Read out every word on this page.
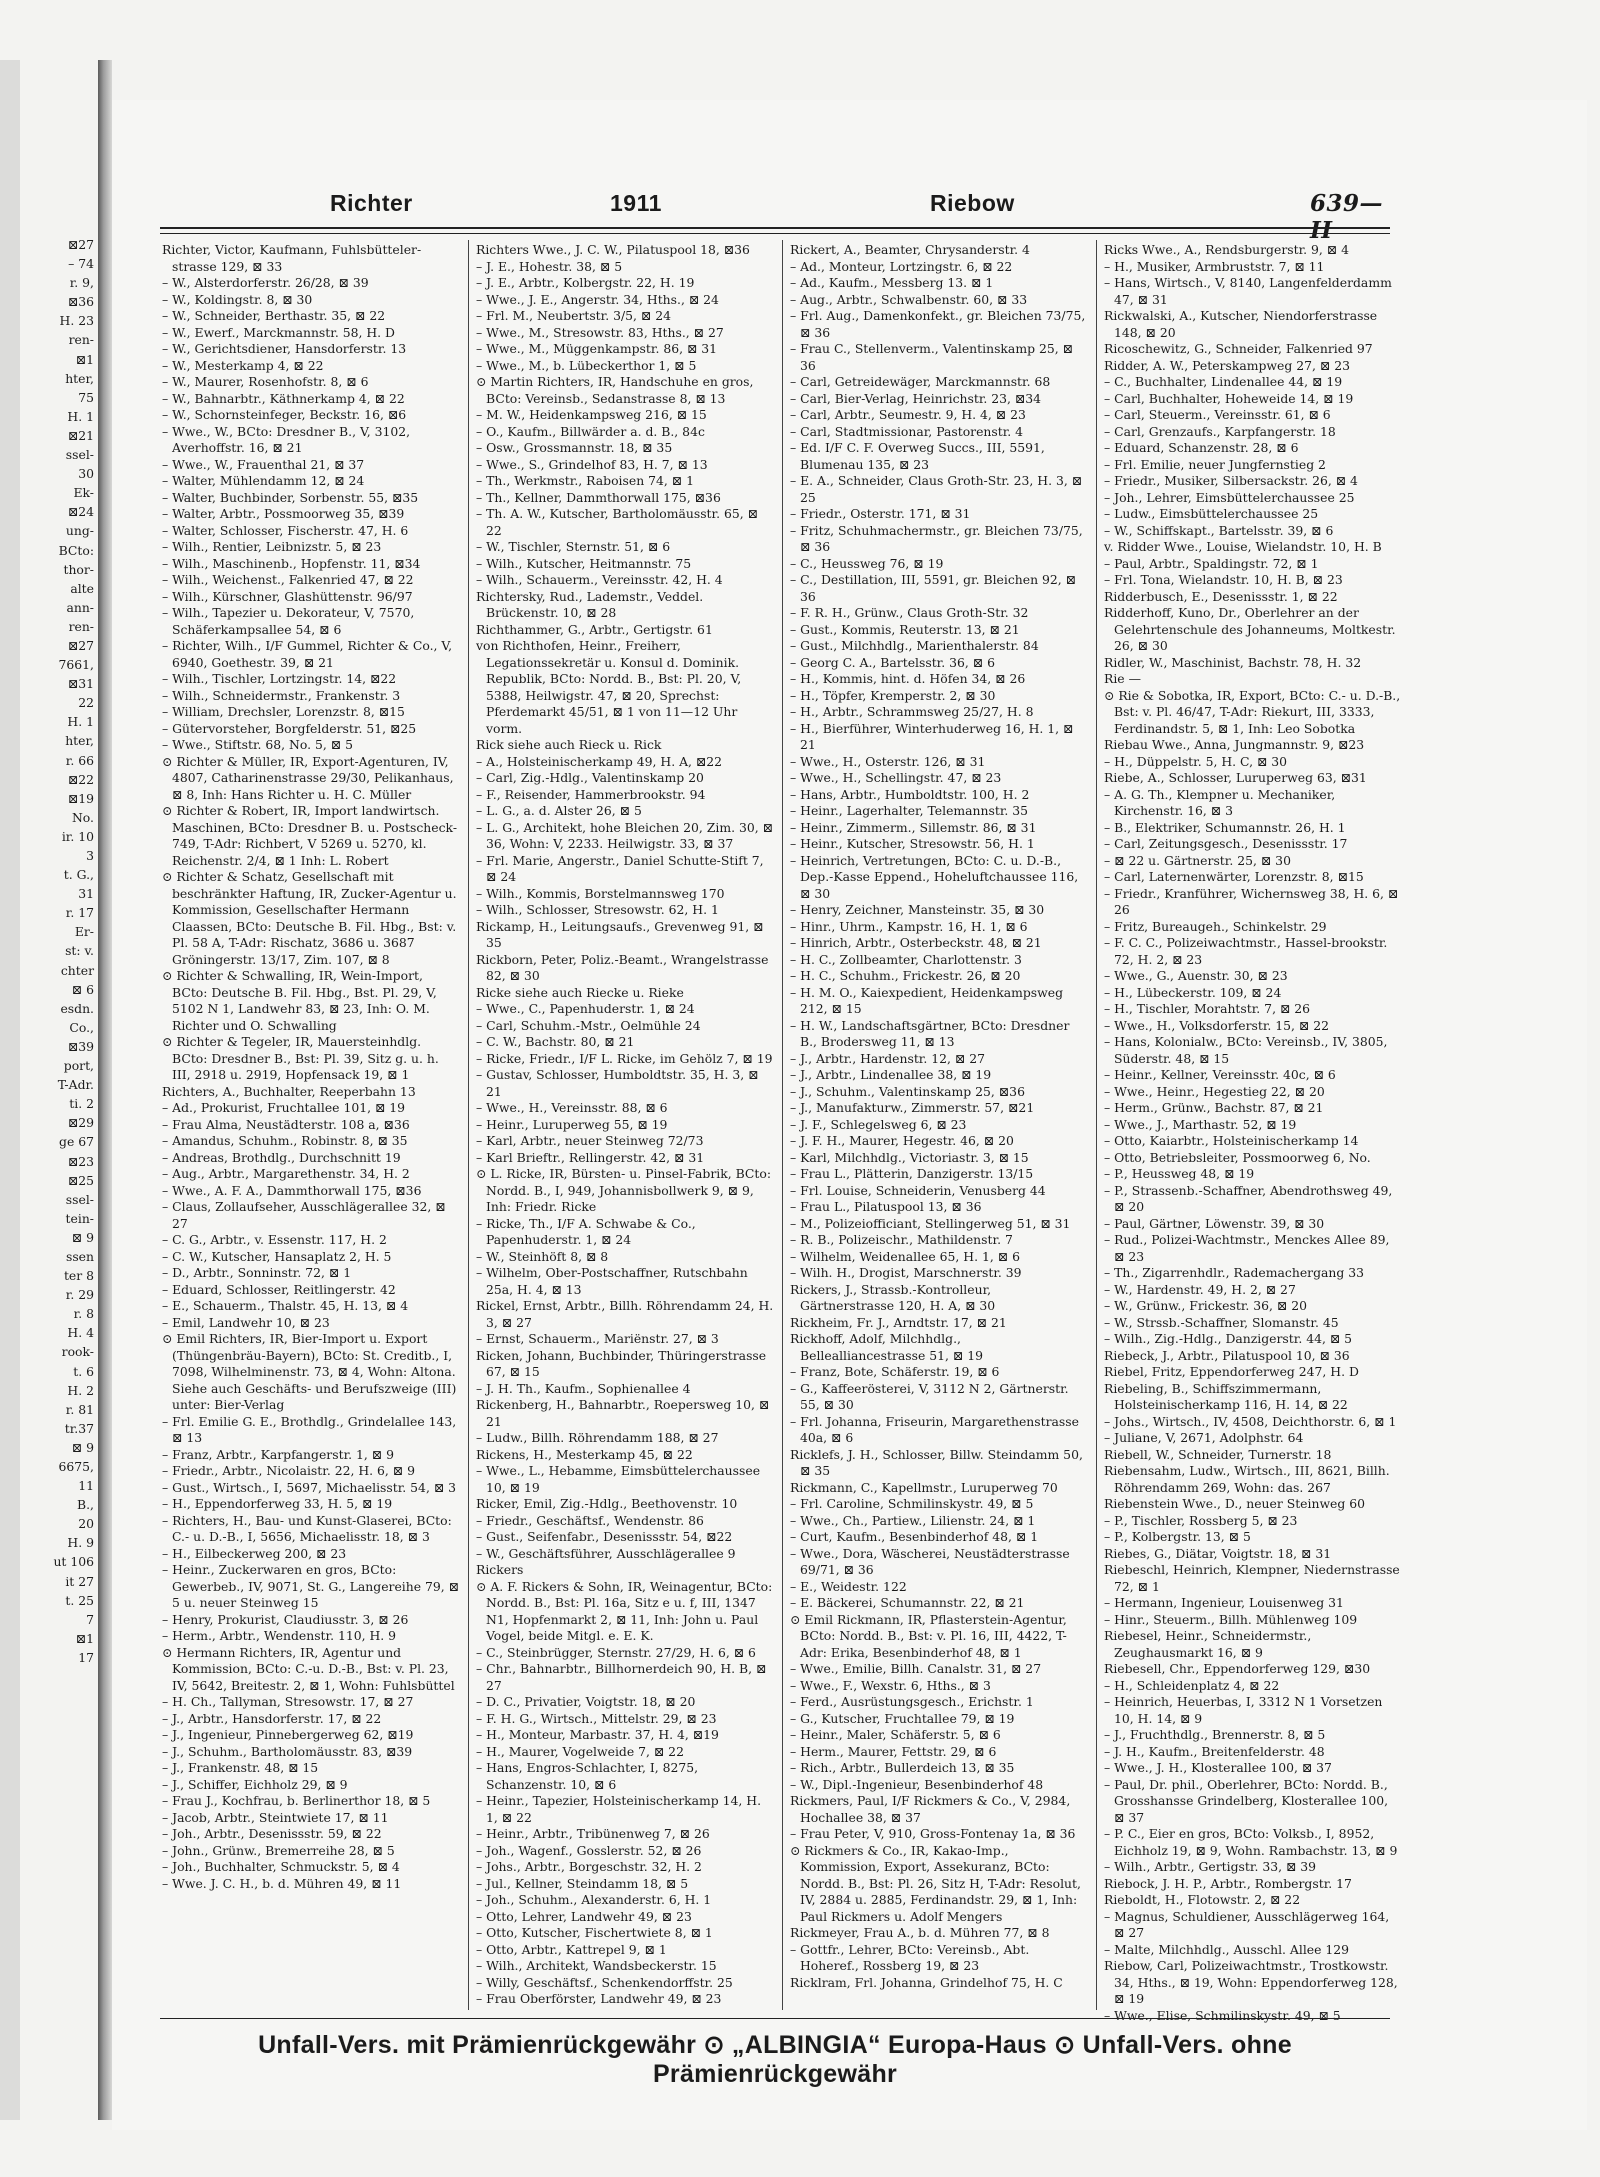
⊠27
– 74
r. 9,
⊠36
H. 23
ren-
⊠1
hter,
75
H. 1
⊠21
ssel-
30
Ek-
⊠24
ung-
BCto:
thor-
alte
ann-
ren-
⊠27
7661,
⊠31
22
H. 1
hter,
r. 66
⊠22
⊠19
No.
ir. 10
3
t. G.,
31
r. 17
Er-
st: v.
chter
⊠ 6
esdn.
Co.,
⊠39
port,
T-Adr.
ti. 2
⊠29
ge 67
⊠23
⊠25
ssel-
tein-
⊠ 9
ssen
ter 8
r. 29
r. 8
H. 4
rook-
t. 6
H. 2
r. 81
tr.37
⊠ 9
6675,
11
B.,
20
H. 9
ut 106
it 27
t. 25
7
⊠1
17
Richter	1911	Riebow	639—II

Richter, Victor, Kaufmann, Fuhlsbütteler-strasse 129, ⊠ 33

– W., Alsterdorferstr. 26/28, ⊠ 39

– W., Koldingstr. 8, ⊠ 30

– W., Schneider, Berthastr. 35, ⊠ 22

– W., Ewerf., Marckmannstr. 58, H. D

– W., Gerichtsdiener, Hansdorferstr. 13

– W., Mesterkamp 4, ⊠ 22

– W., Maurer, Rosenhofstr. 8, ⊠ 6

– W., Bahnarbtr., Käthnerkamp 4, ⊠ 22

– W., Schornsteinfeger, Beckstr. 16, ⊠6

– Wwe., W., BCto: Dresdner B., V, 3102, Averhoffstr. 16, ⊠ 21

– Wwe., W., Frauenthal 21, ⊠ 37

– Walter, Mühlendamm 12, ⊠ 24

– Walter, Buchbinder, Sorbenstr. 55, ⊠35

– Walter, Arbtr., Possmoorweg 35, ⊠39

– Walter, Schlosser, Fischerstr. 47, H. 6

– Wilh., Rentier, Leibnizstr. 5, ⊠ 23

– Wilh., Maschinenb., Hopfenstr. 11, ⊠34

– Wilh., Weichenst., Falkenried 47, ⊠ 22

– Wilh., Kürschner, Glashüttenstr. 96/97

– Wilh., Tapezier u. Dekorateur, V, 7570, Schäferkampsallee 54, ⊠ 6

– Richter, Wilh., I/F Gummel, Richter & Co., V, 6940, Goethestr. 39, ⊠ 21

– Wilh., Tischler, Lortzingstr. 14, ⊠22

– Wilh., Schneidermstr., Frankenstr. 3

– William, Drechsler, Lorenzstr. 8, ⊠15

– Gütervorsteher, Borgfelderstr. 51, ⊠25

– Wwe., Stiftstr. 68, No. 5, ⊠ 5

⊙ Richter & Müller, IR, Export-Agenturen, IV, 4807, Catharinenstrasse 29/30, Pelikanhaus, ⊠ 8, Inh: Hans Richter u. H. C. Müller

⊙ Richter & Robert, IR, Import landwirtsch. Maschinen, BCto: Dresdner B. u. Postscheck- 749, T-Adr: Richbert, V 5269 u. 5270, kl. Reichenstr. 2/4, ⊠ 1 Inh: L. Robert

⊙ Richter & Schatz, Gesellschaft mit beschränkter Haftung, IR, Zucker-Agentur u. Kommission, Gesellschafter Hermann Claassen, BCto: Deutsche B. Fil. Hbg., Bst: v. Pl. 58 A, T-Adr: Rischatz, 3686 u. 3687 Gröningerstr. 13/17, Zim. 107, ⊠ 8

⊙ Richter & Schwalling, IR, Wein-Import, BCto: Deutsche B. Fil. Hbg., Bst. Pl. 29, V, 5102 N 1, Landwehr 83, ⊠ 23, Inh: O. M. Richter und O. Schwalling

⊙ Richter & Tegeler, IR, Mauersteinhdlg. BCto: Dresdner B., Bst: Pl. 39, Sitz g. u. h. III, 2918 u. 2919, Hopfensack 19, ⊠ 1

Richters, A., Buchhalter, Reeperbahn 13

– Ad., Prokurist, Fruchtallee 101, ⊠ 19

– Frau Alma, Neustädterstr. 108 a, ⊠36

– Amandus, Schuhm., Robinstr. 8, ⊠ 35

– Andreas, Brothdlg., Durchschnitt 19

– Aug., Arbtr., Margarethenstr. 34, H. 2

– Wwe., A. F. A., Dammthorwall 175, ⊠36

– Claus, Zollaufseher, Ausschlägerallee 32, ⊠ 27

– C. G., Arbtr., v. Essenstr. 117, H. 2

– C. W., Kutscher, Hansaplatz 2, H. 5

– D., Arbtr., Sonninstr. 72, ⊠ 1

– Eduard, Schlosser, Reitlingerstr. 42

– E., Schauerm., Thalstr. 45, H. 13, ⊠ 4

– Emil, Landwehr 10, ⊠ 23

⊙ Emil Richters, IR, Bier-Import u. Export (Thüngenbräu-Bayern), BCto: St. Creditb., I, 7098, Wilhelminenstr. 73, ⊠ 4, Wohn: Altona. Siehe auch Geschäfts- und Berufszweige (III) unter: Bier-Verlag

– Frl. Emilie G. E., Brothdlg., Grindelallee 143, ⊠ 13

– Franz, Arbtr., Karpfangerstr. 1, ⊠ 9

– Friedr., Arbtr., Nicolaistr. 22, H. 6, ⊠ 9

– Gust., Wirtsch., I, 5697, Michaelisstr. 54, ⊠ 3

– H., Eppendorferweg 33, H. 5, ⊠ 19

– Richters, H., Bau- und Kunst-Glaserei, BCto: C.- u. D.-B., I, 5656, Michaelisstr. 18, ⊠ 3

– H., Eilbeckerweg 200, ⊠ 23

– Heinr., Zuckerwaren en gros, BCto: Gewerbeb., IV, 9071, St. G., Langereihe 79, ⊠ 5 u. neuer Steinweg 15

– Henry, Prokurist, Claudiusstr. 3, ⊠ 26

– Herm., Arbtr., Wendenstr. 110, H. 9

⊙ Hermann Richters, IR, Agentur und Kommission, BCto: C.-u. D.-B., Bst: v. Pl. 23, IV, 5642, Breitestr. 2, ⊠ 1, Wohn: Fuhlsbüttel

– H. Ch., Tallyman, Stresowstr. 17, ⊠ 27

– J., Arbtr., Hansdorferstr. 17, ⊠ 22

– J., Ingenieur, Pinnebergerweg 62, ⊠19

– J., Schuhm., Bartholomäusstr. 83, ⊠39

– J., Frankenstr. 48, ⊠ 15

– J., Schiffer, Eichholz 29, ⊠ 9

– Frau J., Kochfrau, b. Berlinerthor 18, ⊠ 5

– Jacob, Arbtr., Steintwiete 17, ⊠ 11

– Joh., Arbtr., Desenissstr. 59, ⊠ 22

– John., Grünw., Bremerreihe 28, ⊠ 5

– Joh., Buchhalter, Schmuckstr. 5, ⊠ 4

– Wwe. J. C. H., b. d. Mühren 49, ⊠ 11

Richters Wwe., J. C. W., Pilatuspool 18, ⊠36

– J. E., Hohestr. 38, ⊠ 5

– J. E., Arbtr., Kolbergstr. 22, H. 19

– Wwe., J. E., Angerstr. 34, Hths., ⊠ 24

– Frl. M., Neubertstr. 3/5, ⊠ 24

– Wwe., M., Stresowstr. 83, Hths., ⊠ 27

– Wwe., M., Müggenkampstr. 86, ⊠ 31

– Wwe., M., b. Lübeckerthor 1, ⊠ 5

⊙ Martin Richters, IR, Handschuhe en gros, BCto: Vereinsb., Sedanstrasse 8, ⊠ 13

– M. W., Heidenkampsweg 216, ⊠ 15

– O., Kaufm., Billwärder a. d. B., 84c

– Osw., Grossmannstr. 18, ⊠ 35

– Wwe., S., Grindelhof 83, H. 7, ⊠ 13

– Th., Werkmstr., Raboisen 74, ⊠ 1

– Th., Kellner, Dammthorwall 175, ⊠36

– Th. A. W., Kutscher, Bartholomäusstr. 65, ⊠ 22

– W., Tischler, Sternstr. 51, ⊠ 6

– Wilh., Kutscher, Heitmannstr. 75

– Wilh., Schauerm., Vereinsstr. 42, H. 4

Richtersky, Rud., Lademstr., Veddel. Brückenstr. 10, ⊠ 28

Richthammer, G., Arbtr., Gertigstr. 61

von Richthofen, Heinr., Freiherr, Legationssekretär u. Konsul d. Dominik. Republik, BCto: Nordd. B., Bst: Pl. 20, V, 5388, Heilwigstr. 47, ⊠ 20, Sprechst: Pferdemarkt 45/51, ⊠ 1 von 11—12 Uhr vorm.

Rick siehe auch Rieck u. Rick

– A., Holsteinischerkamp 49, H. A, ⊠22

– Carl, Zig.-Hdlg., Valentinskamp 20

– F., Reisender, Hammerbrookstr. 94

– L. G., a. d. Alster 26, ⊠ 5

– L. G., Architekt, hohe Bleichen 20, Zim. 30, ⊠ 36, Wohn: V, 2233. Heilwigstr. 33, ⊠ 37

– Frl. Marie, Angerstr., Daniel Schutte-Stift 7, ⊠ 24

– Wilh., Kommis, Borstelmannsweg 170

– Wilh., Schlosser, Stresowstr. 62, H. 1

Rickamp, H., Leitungsaufs., Grevenweg 91, ⊠ 35

Rickborn, Peter, Poliz.-Beamt., Wrangelstrasse 82, ⊠ 30

Ricke siehe auch Riecke u. Rieke

– Wwe., C., Papenhuderstr. 1, ⊠ 24

– Carl, Schuhm.-Mstr., Oelmühle 24

– C. W., Bachstr. 80, ⊠ 21

– Ricke, Friedr., I/F L. Ricke, im Gehölz 7, ⊠ 19

– Gustav, Schlosser, Humboldtstr. 35, H. 3, ⊠ 21

– Wwe., H., Vereinsstr. 88, ⊠ 6

– Heinr., Luruperweg 55, ⊠ 19

– Karl, Arbtr., neuer Steinweg 72/73

– Karl Brieftr., Rellingerstr. 42, ⊠ 31

⊙ L. Ricke, IR, Bürsten- u. Pinsel-Fabrik, BCto: Nordd. B., I, 949, Johannisbollwerk 9, ⊠ 9, Inh: Friedr. Ricke

– Ricke, Th., I/F A. Schwabe & Co., Papenhuderstr. 1, ⊠ 24

– W., Steinhöft 8, ⊠ 8

– Wilhelm, Ober-Postschaffner, Rutschbahn 25a, H. 4, ⊠ 13

Rickel, Ernst, Arbtr., Billh. Röhrendamm 24, H. 3, ⊠ 27

– Ernst, Schauerm., Mariënstr. 27, ⊠ 3

Ricken, Johann, Buchbinder, Thüringerstrasse 67, ⊠ 15

– J. H. Th., Kaufm., Sophienallee 4

Rickenberg, H., Bahnarbtr., Roepersweg 10, ⊠ 21

– Ludw., Billh. Röhrendamm 188, ⊠ 27

Rickens, H., Mesterkamp 45, ⊠ 22

– Wwe., L., Hebamme, Eimsbüttelerchaussee 10, ⊠ 19

Ricker, Emil, Zig.-Hdlg., Beethovenstr. 10

– Friedr., Geschäftsf., Wendenstr. 86

– Gust., Seifenfabr., Desenissstr. 54, ⊠22

– W., Geschäftsführer, Ausschlägerallee 9

Rickers

⊙ A. F. Rickers & Sohn, IR, Weinagentur, BCto: Nordd. B., Bst: Pl. 16a, Sitz e u. f, III, 1347 N1, Hopfenmarkt 2, ⊠ 11, Inh: John u. Paul Vogel, beide Mitgl. e. E. K.

– C., Steinbrügger, Sternstr. 27/29, H. 6, ⊠ 6

– Chr., Bahnarbtr., Billhornerdeich 90, H. B, ⊠ 27

– D. C., Privatier, Voigtstr. 18, ⊠ 20

– F. H. G., Wirtsch., Mittelstr. 29, ⊠ 23

– H., Monteur, Marbastr. 37, H. 4, ⊠19

– H., Maurer, Vogelweide 7, ⊠ 22

– Hans, Engros-Schlachter, I, 8275, Schanzenstr. 10, ⊠ 6

– Heinr., Tapezier, Holsteinischerkamp 14, H. 1, ⊠ 22

– Heinr., Arbtr., Tribünenweg 7, ⊠ 26

– Joh., Wagenf., Gosslerstr. 52, ⊠ 26

– Johs., Arbtr., Borgeschstr. 32, H. 2

– Jul., Kellner, Steindamm 18, ⊠ 5

– Joh., Schuhm., Alexanderstr. 6, H. 1

– Otto, Lehrer, Landwehr 49, ⊠ 23

– Otto, Kutscher, Fischertwiete 8, ⊠ 1

– Otto, Arbtr., Kattrepel 9, ⊠ 1

– Wilh., Architekt, Wandsbeckerstr. 15

– Willy, Geschäftsf., Schenkendorffstr. 25

– Frau Oberförster, Landwehr 49, ⊠ 23

Rickert, A., Beamter, Chrysanderstr. 4

– Ad., Monteur, Lortzingstr. 6, ⊠ 22

– Ad., Kaufm., Messberg 13. ⊠ 1

– Aug., Arbtr., Schwalbenstr. 60, ⊠ 33

– Frl. Aug., Damenkonfekt., gr. Bleichen 73/75, ⊠ 36

– Frau C., Stellenverm., Valentinskamp 25, ⊠ 36

– Carl, Getreidewäger, Marckmannstr. 68

– Carl, Bier-Verlag, Heinrichstr. 23, ⊠34

– Carl, Arbtr., Seumestr. 9, H. 4, ⊠ 23

– Carl, Stadtmissionar, Pastorenstr. 4

– Ed. I/F C. F. Overweg Succs., III, 5591, Blumenau 135, ⊠ 23

– E. A., Schneider, Claus Groth-Str. 23, H. 3, ⊠ 25

– Friedr., Osterstr. 171, ⊠ 31

– Fritz, Schuhmachermstr., gr. Bleichen 73/75, ⊠ 36

– C., Heussweg 76, ⊠ 19

– C., Destillation, III, 5591, gr. Bleichen 92, ⊠ 36

– F. R. H., Grünw., Claus Groth-Str. 32

– Gust., Kommis, Reuterstr. 13, ⊠ 21

– Gust., Milchhdlg., Marienthalerstr. 84

– Georg C. A., Bartelsstr. 36, ⊠ 6

– H., Kommis, hint. d. Höfen 34, ⊠ 26

– H., Töpfer, Kremperstr. 2, ⊠ 30

– H., Arbtr., Schrammsweg 25/27, H. 8

– H., Bierführer, Winterhuderweg 16, H. 1, ⊠ 21

– Wwe., H., Osterstr. 126, ⊠ 31

– Wwe., H., Schellingstr. 47, ⊠ 23

– Hans, Arbtr., Humboldtstr. 100, H. 2

– Heinr., Lagerhalter, Telemannstr. 35

– Heinr., Zimmerm., Sillemstr. 86, ⊠ 31

– Heinr., Kutscher, Stresowstr. 56, H. 1

– Heinrich, Vertretungen, BCto: C. u. D.-B., Dep.-Kasse Eppend., Hoheluftchaussee 116, ⊠ 30

– Henry, Zeichner, Mansteinstr. 35, ⊠ 30

– Hinr., Uhrm., Kampstr. 16, H. 1, ⊠ 6

– Hinrich, Arbtr., Osterbeckstr. 48, ⊠ 21

– H. C., Zollbeamter, Charlottenstr. 3

– H. C., Schuhm., Frickestr. 26, ⊠ 20

– H. M. O., Kaiexpedient, Heidenkampsweg 212, ⊠ 15

– H. W., Landschaftsgärtner, BCto: Dresdner B., Brodersweg 11, ⊠ 13

– J., Arbtr., Hardenstr. 12, ⊠ 27

– J., Arbtr., Lindenallee 38, ⊠ 19

– J., Schuhm., Valentinskamp 25, ⊠36

– J., Manufakturw., Zimmerstr. 57, ⊠21

– J. F., Schlegelsweg 6, ⊠ 23

– J. F. H., Maurer, Hegestr. 46, ⊠ 20

– Karl, Milchhdlg., Victoriastr. 3, ⊠ 15

– Frau L., Plätterin, Danzigerstr. 13/15

– Frl. Louise, Schneiderin, Venusberg 44

– Frau L., Pilatuspool 13, ⊠ 36

– M., Polizeiofficiant, Stellingerweg 51, ⊠ 31

– R. B., Polizeischr., Mathildenstr. 7

– Wilhelm, Weidenallee 65, H. 1, ⊠ 6

– Wilh. H., Drogist, Marschnerstr. 39

Rickers, J., Strassb.-Kontrolleur, Gärtnerstrasse 120, H. A, ⊠ 30

Rickheim, Fr. J., Arndtstr. 17, ⊠ 21

Rickhoff, Adolf, Milchhdlg., Bellealliancestrasse 51, ⊠ 19

– Franz, Bote, Schäferstr. 19, ⊠ 6

– G., Kaffeerösterei, V, 3112 N 2, Gärtnerstr. 55, ⊠ 30

– Frl. Johanna, Friseurin, Margarethenstrasse 40a, ⊠ 6

Ricklefs, J. H., Schlosser, Billw. Steindamm 50, ⊠ 35

Rickmann, C., Kapellmstr., Luruperweg 70

– Frl. Caroline, Schmilinskystr. 49, ⊠ 5

– Wwe., Ch., Partiew., Lilienstr. 24, ⊠ 1

– Curt, Kaufm., Besenbinderhof 48, ⊠ 1

– Wwe., Dora, Wäscherei, Neustädterstrasse 69/71, ⊠ 36

– E., Weidestr. 122

– E. Bäckerei, Schumannstr. 22, ⊠ 21

⊙ Emil Rickmann, IR, Pflasterstein-Agentur, BCto: Nordd. B., Bst: v. Pl. 16, III, 4422, T-Adr: Erika, Besenbinderhof 48, ⊠ 1

– Wwe., Emilie, Billh. Canalstr. 31, ⊠ 27

– Wwe., F., Wexstr. 6, Hths., ⊠ 3

– Ferd., Ausrüstungsgesch., Erichstr. 1

– G., Kutscher, Fruchtallee 79, ⊠ 19

– Heinr., Maler, Schäferstr. 5, ⊠ 6

– Herm., Maurer, Fettstr. 29, ⊠ 6

– Rich., Arbtr., Bullerdeich 13, ⊠ 35

– W., Dipl.-Ingenieur, Besenbinderhof 48

Rickmers, Paul, I/F Rickmers & Co., V, 2984, Hochallee 38, ⊠ 37

– Frau Peter, V, 910, Gross-Fontenay 1a, ⊠ 36

⊙ Rickmers & Co., IR, Kakao-Imp., Kommission, Export, Assekuranz, BCto: Nordd. B., Bst: Pl. 26, Sitz H, T-Adr: Resolut, IV, 2884 u. 2885, Ferdinandstr. 29, ⊠ 1, Inh: Paul Rickmers u. Adolf Mengers

Rickmeyer, Frau A., b. d. Mühren 77, ⊠ 8

– Gottfr., Lehrer, BCto: Vereinsb., Abt. Hoheref., Rossberg 19, ⊠ 23

Ricklram, Frl. Johanna, Grindelhof 75, H. C

Ricks Wwe., A., Rendsburgerstr. 9, ⊠ 4

– H., Musiker, Armbruststr. 7, ⊠ 11

– Hans, Wirtsch., V, 8140, Langenfelderdamm 47, ⊠ 31

Rickwalski, A., Kutscher, Niendorferstrasse 148, ⊠ 20

Ricoschewitz, G., Schneider, Falkenried 97

Ridder, A. W., Peterskampweg 27, ⊠ 23

– C., Buchhalter, Lindenallee 44, ⊠ 19

– Carl, Buchhalter, Hoheweide 14, ⊠ 19

– Carl, Steuerm., Vereinsstr. 61, ⊠ 6

– Carl, Grenzaufs., Karpfangerstr. 18

– Eduard, Schanzenstr. 28, ⊠ 6

– Frl. Emilie, neuer Jungfernstieg 2

– Friedr., Musiker, Silbersackstr. 26, ⊠ 4

– Joh., Lehrer, Eimsbüttelerchaussee 25

– Ludw., Eimsbüttelerchaussee 25

– W., Schiffskapt., Bartelsstr. 39, ⊠ 6

v. Ridder Wwe., Louise, Wielandstr. 10, H. B

– Paul, Arbtr., Spaldingstr. 72, ⊠ 1

– Frl. Tona, Wielandstr. 10, H. B, ⊠ 23

Ridderbusch, E., Desenissstr. 1, ⊠ 22

Ridderhoff, Kuno, Dr., Oberlehrer an der Gelehrtenschule des Johanneums, Moltkestr. 26, ⊠ 30

Ridler, W., Maschinist, Bachstr. 78, H. 32

Rie —

⊙ Rie & Sobotka, IR, Export, BCto: C.- u. D.-B., Bst: v. Pl. 46/47, T-Adr: Riekurt, III, 3333, Ferdinandstr. 5, ⊠ 1, Inh: Leo Sobotka

Riebau Wwe., Anna, Jungmannstr. 9, ⊠23

– H., Düppelstr. 5, H. C, ⊠ 30

Riebe, A., Schlosser, Luruperweg 63, ⊠31

– A. G. Th., Klempner u. Mechaniker, Kirchenstr. 16, ⊠ 3

– B., Elektriker, Schumannstr. 26, H. 1

– Carl, Zeitungsgesch., Desenissstr. 17

– ⊠ 22 u. Gärtnerstr. 25, ⊠ 30

– Carl, Laternenwärter, Lorenzstr. 8, ⊠15

– Friedr., Kranführer, Wichernsweg 38, H. 6, ⊠ 26

– Fritz, Bureaugeh., Schinkelstr. 29

– F. C. C., Polizeiwachtmstr., Hassel-brookstr. 72, H. 2, ⊠ 23

– Wwe., G., Auenstr. 30, ⊠ 23

– H., Lübeckerstr. 109, ⊠ 24

– H., Tischler, Morahtstr. 7, ⊠ 26

– Wwe., H., Volksdorferstr. 15, ⊠ 22

– Hans, Kolonialw., BCto: Vereinsb., IV, 3805, Süderstr. 48, ⊠ 15

– Heinr., Kellner, Vereinsstr. 40c, ⊠ 6

– Wwe., Heinr., Hegestieg 22, ⊠ 20

– Herm., Grünw., Bachstr. 87, ⊠ 21

– Wwe., J., Marthastr. 52, ⊠ 19

– Otto, Kaiarbtr., Holsteinischerkamp 14

– Otto, Betriebsleiter, Possmoorweg 6, No.

– P., Heussweg 48, ⊠ 19

– P., Strassenb.-Schaffner, Abendrothsweg 49, ⊠ 20

– Paul, Gärtner, Löwenstr. 39, ⊠ 30

– Rud., Polizei-Wachtmstr., Menckes Allee 89, ⊠ 23

– Th., Zigarrenhdlr., Rademachergang 33

– W., Hardenstr. 49, H. 2, ⊠ 27

– W., Grünw., Frickestr. 36, ⊠ 20

– W., Strssb.-Schaffner, Slomanstr. 45

– Wilh., Zig.-Hdlg., Danzigerstr. 44, ⊠ 5

Riebeck, J., Arbtr., Pilatuspool 10, ⊠ 36

Riebel, Fritz, Eppendorferweg 247, H. D

Riebeling, B., Schiffszimmermann, Holsteinischerkamp 116, H. 14, ⊠ 22

– Johs., Wirtsch., IV, 4508, Deichthorstr. 6, ⊠ 1

– Juliane, V, 2671, Adolphstr. 64

Riebell, W., Schneider, Turnerstr. 18

Riebensahm, Ludw., Wirtsch., III, 8621, Billh. Röhrendamm 269, Wohn: das. 267

Riebenstein Wwe., D., neuer Steinweg 60

– P., Tischler, Rossberg 5, ⊠ 23

– P., Kolbergstr. 13, ⊠ 5

Riebes, G., Diätar, Voigtstr. 18, ⊠ 31

Riebeschl, Heinrich, Klempner, Niedernstrasse 72, ⊠ 1

– Hermann, Ingenieur, Louisenweg 31

– Hinr., Steuerm., Billh. Mühlenweg 109

Riebesel, Heinr., Schneidermstr., Zeughausmarkt 16, ⊠ 9

Riebesell, Chr., Eppendorferweg 129, ⊠30

– H., Schleidenplatz 4, ⊠ 22

– Heinrich, Heuerbas, I, 3312 N 1 Vorsetzen 10, H. 14, ⊠ 9

– J., Fruchthdlg., Brennerstr. 8, ⊠ 5

– J. H., Kaufm., Breitenfelderstr. 48

– Wwe., J. H., Klosterallee 100, ⊠ 37

– Paul, Dr. phil., Oberlehrer, BCto: Nordd. B., Grosshansse Grindelberg, Klosterallee 100, ⊠ 37

– P. C., Eier en gros, BCto: Volksb., I, 8952, Eichholz 19, ⊠ 9, Wohn. Rambachstr. 13, ⊠ 9

– Wilh., Arbtr., Gertigstr. 33, ⊠ 39

Riebock, J. H. P., Arbtr., Rombergstr. 17

Rieboldt, H., Flotowstr. 2, ⊠ 22

– Magnus, Schuldiener, Ausschlägerweg 164, ⊠ 27

– Malte, Milchhdlg., Ausschl. Allee 129

Riebow, Carl, Polizeiwachtmstr., Trostkowstr. 34, Hths., ⊠ 19, Wohn: Eppendorferweg 128, ⊠ 19

– Wwe., Elise, Schmilinskystr. 49, ⊠ 5

Unfall-Vers. mit Prämienrückgewähr ⊙ „ALBINGIA“ Europa-Haus ⊙ Unfall-Vers. ohne Prämienrückgewähr
